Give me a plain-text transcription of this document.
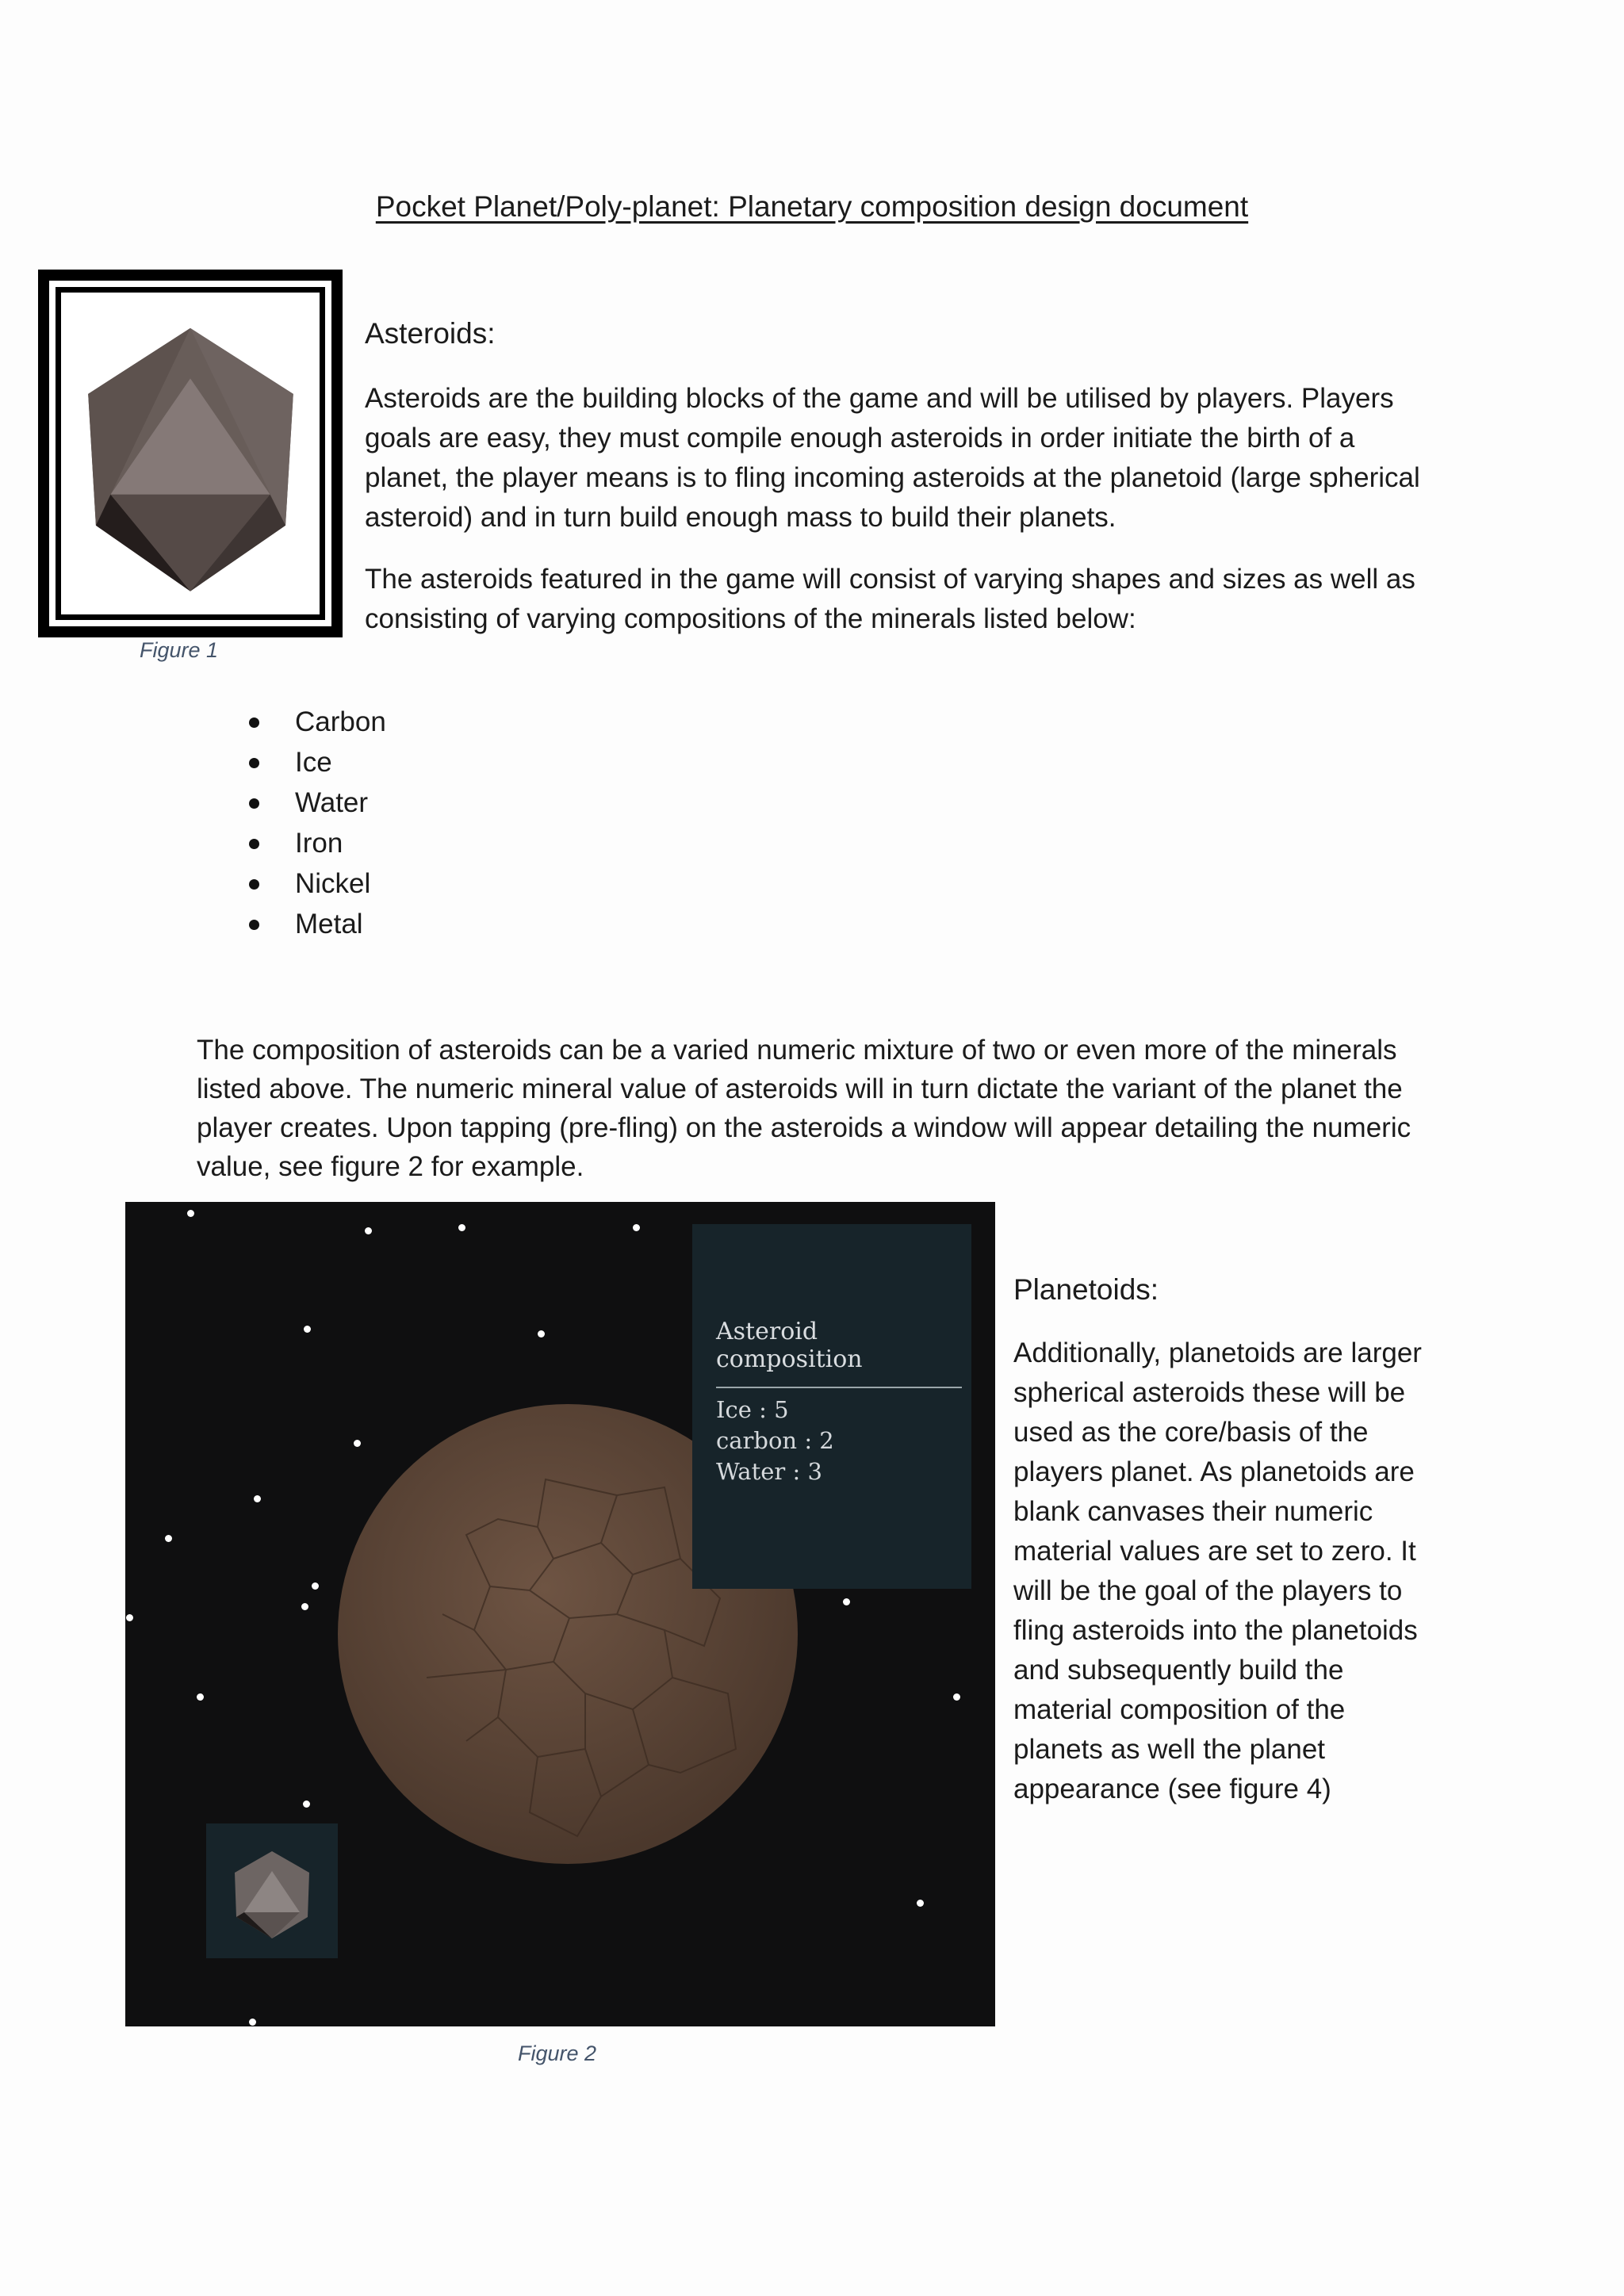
Pocket Planet/Poly-planet: Planetary composition design document
Figure 1
Asteroids:
Asteroids are the building blocks of the game and will be utilised by players. Players
goals are easy, they must compile enough asteroids in order initiate the birth of a
planet, the player means is to fling incoming asteroids at the planetoid (large spherical
asteroid) and in turn build enough mass to build their planets.
The asteroids featured in the game will consist of varying shapes and sizes as well as
consisting of varying compositions of the minerals listed below:
Carbon
Ice
Water
Iron
Nickel
Metal
The composition of asteroids can be a varied numeric mixture of two or even more of the minerals
listed above. The numeric mineral value of asteroids will in turn dictate the variant of the planet the
player creates. Upon tapping (pre-fling) on the asteroids a window will appear detailing the numeric
value, see figure 2 for example.
Asteroid composition
Ice : 5
carbon : 2
Water : 3
Figure 2
Planetoids:
Additionally, planetoids are larger
spherical asteroids these will be
used as the core/basis of the
players planet. As planetoids are
blank canvases their numeric
material values are set to zero. It
will be the goal of the players to
fling asteroids into the planetoids
and subsequently build the
material composition of the
planets as well the planet
appearance (see figure 4)
